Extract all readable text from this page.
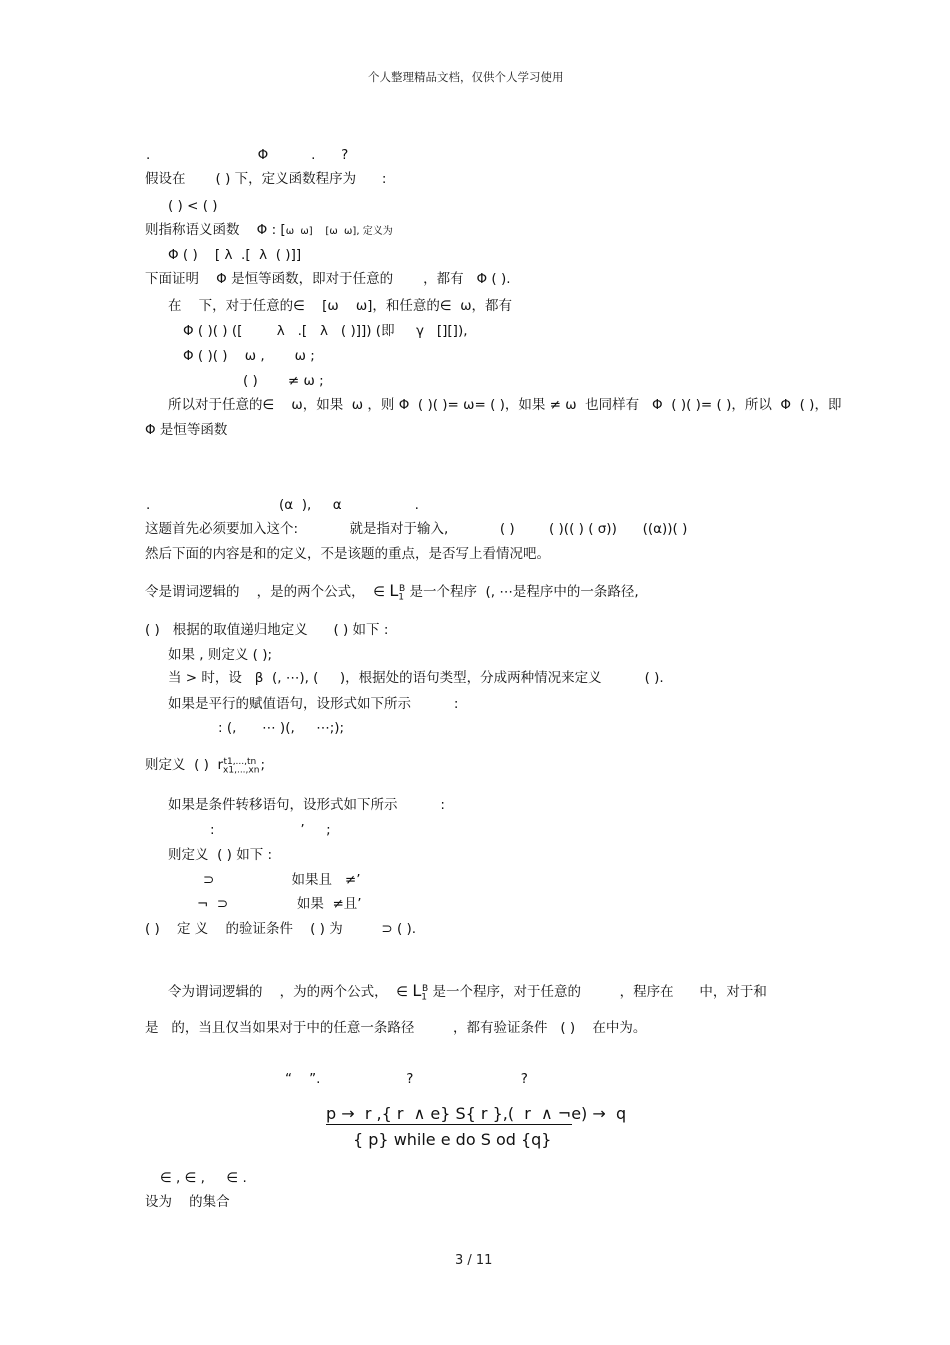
个人整理精品文档，仅供个人学习使用
.                         Φ          .      ?
假设在       ( ) 下，定义函数程序为      :
( ) < ( )
则指称语义函数    Φ : [ω  ω]    [ω  ω], 定义为
Φ ( )    [ λ  .[  λ  ( )]]
下面证明    Φ 是恒等函数，即对于任意的       ，都有   Φ ( ).
在    下，对于任意的∈    [ω    ω]，和任意的∈  ω，都有
Φ ( )( ) ([        λ   .[   λ   ( )]]) (即     γ   [][]),
Φ ( )( )    ω ,       ω ;
( )       ≠ ω ;
所以对于任意的∈    ω，如果  ω ，则 Φ  ( )( )= ω= ( )，如果 ≠ ω  也同样有   Φ  ( )( )= ( )，所以  Φ  ( )，即
Φ 是恒等函数
.                              (α  ),     α                 .
这题首先必须要加入这个:            就是指对于输入,            ( )        ( )(( ) ( σ))      ((α))( )
然后下面的内容是和的定义，不是该题的重点，是否写上看情况吧。
令是谓词逻辑的    ，是的两个公式，  ∈ $L_1^B$ 是一个程序  (, ⋯是程序中的一条路径,
( )   根据的取值递归地定义      ( ) 如下 :
如果 , 则定义 ( );
当 > 时，设   β  (, ⋯), (     )，根据处的语句类型，分成两种情况来定义          ( ).
如果是平行的赋值语句，设形式如下所示          :
: (,      ⋯ )(,     ⋯;);
则定义  ( )  $r_{x1,...,xn}^{t1,...,tn}$ ;
如果是条件转移语句，设形式如下所示          :
:                    ’     ;
则定义  ( ) 如下 :
⊃                  如果且   ≠’
¬  ⊃                如果  ≠且’
( )    定 义    的验证条件    ( ) 为         ⊃ ( ).
令为谓词逻辑的    ，为的两个公式，  ∈ $L_1^B$ 是一个程序，对于任意的         ，程序在      中，对于和
是   的，当且仅当如果对于中的任意一条路径         ，都有验证条件   ( )    在中为。
“    ”.                    ?                         ?
p →  r ,{ r  ∧ e} S{ r },(  r  ∧ ¬e) →  q
{ p} while e do S od {q}
∈ , ∈ ,     ∈ .
设为    的集合
3 / 11
